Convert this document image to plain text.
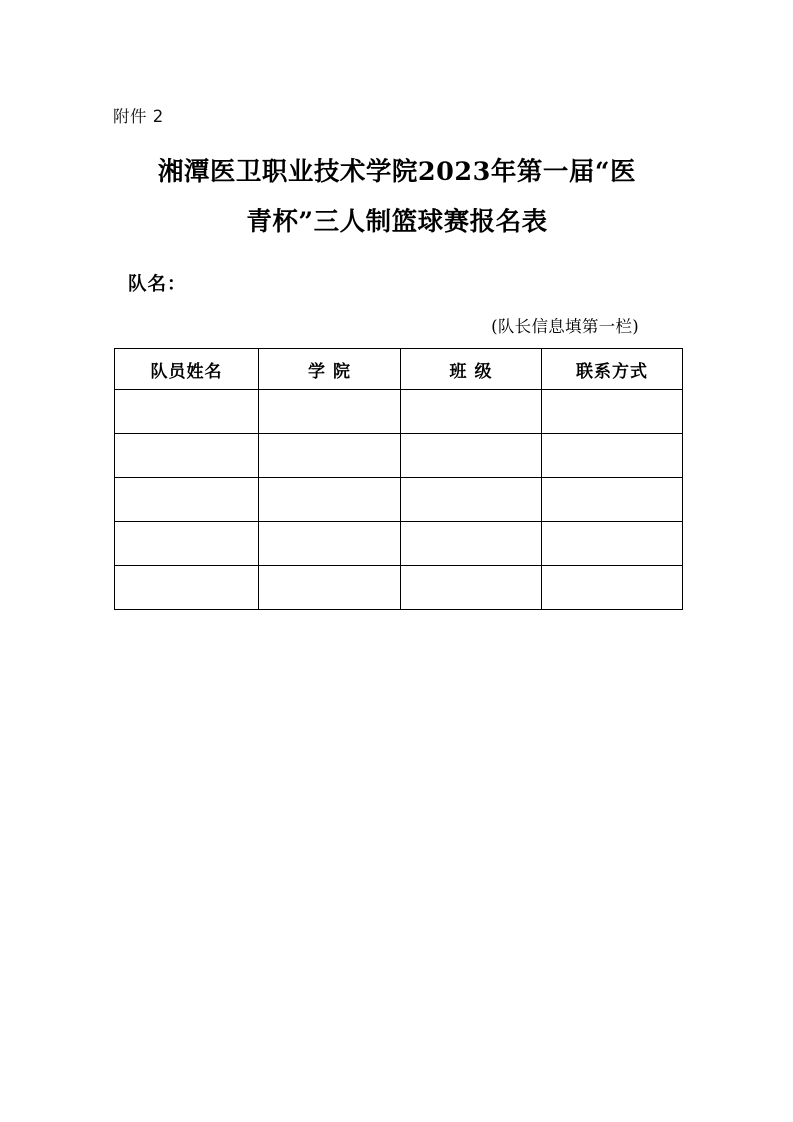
附件 2
湘潭医卫职业技术学院2023年第一届“医
青杯”三人制篮球赛报名表
队名：
(队长信息填第一栏)
队员姓名	学 院	班 级	联系方式
